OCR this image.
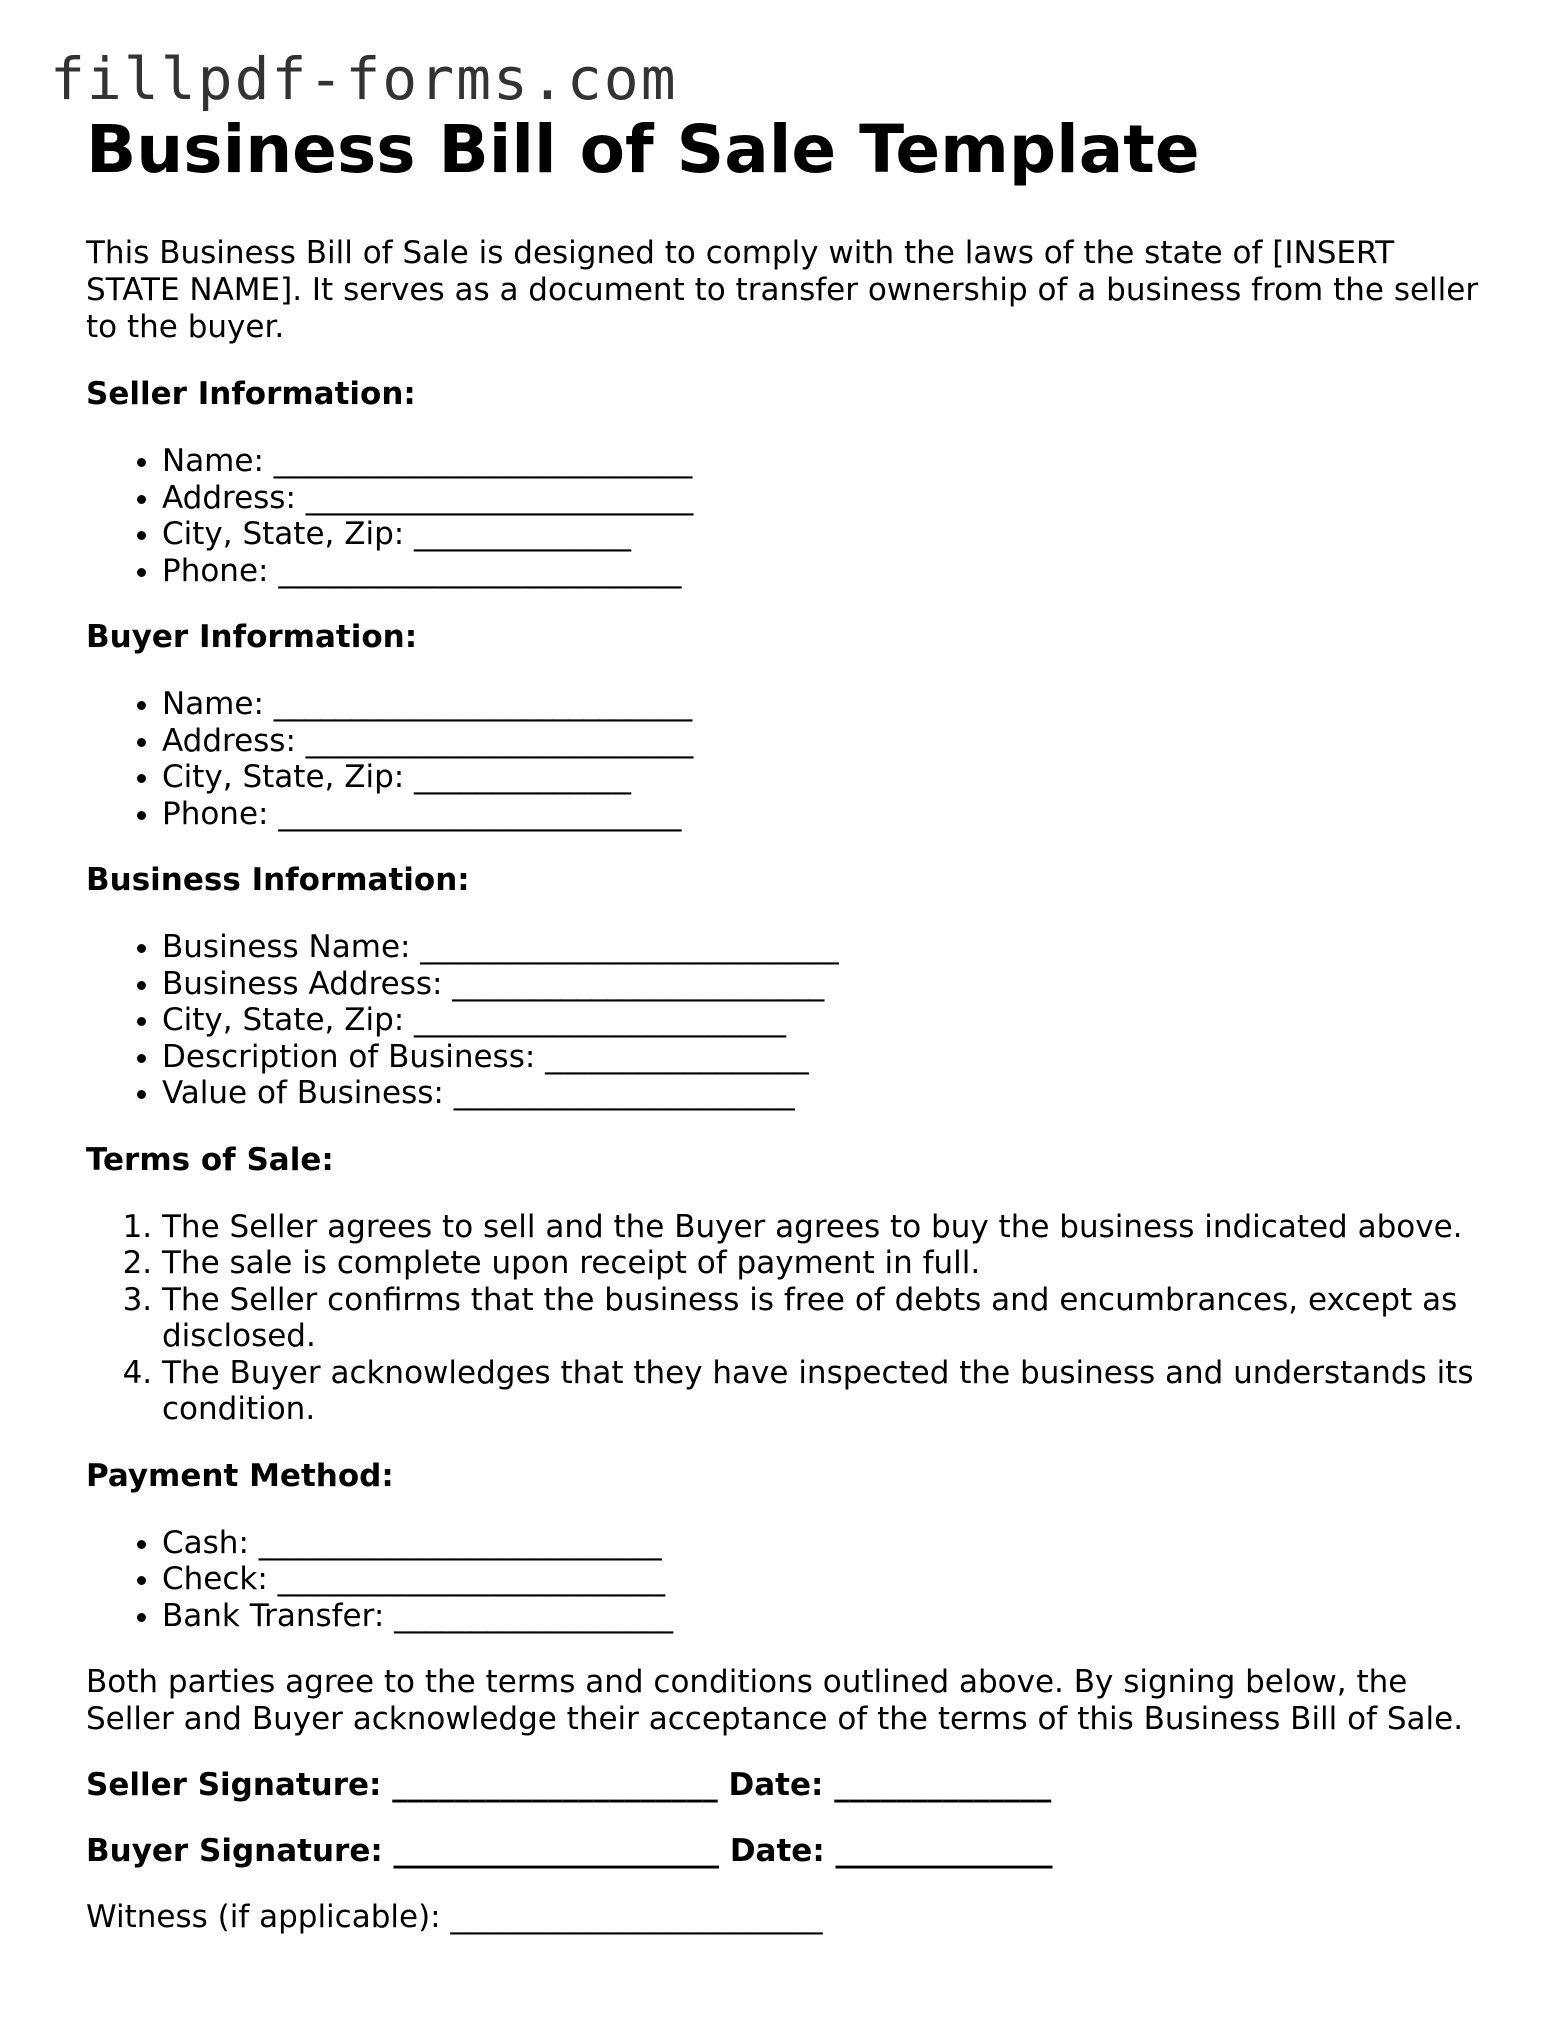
fillpdf-forms.com
Business Bill of Sale Template

This Business Bill of Sale is designed to comply with the laws of the state of [INSERT STATE NAME]. It serves as a document to transfer ownership of a business from the seller to the buyer.

Seller Information:
• Name: ___________________________
• Address: _________________________
• City, State, Zip: ______________
• Phone: __________________________
Buyer Information:
• Name: ___________________________
• Address: _________________________
• City, State, Zip: ______________
• Phone: __________________________
Business Information:
• Business Name: ___________________________
• Business Address: ________________________
• City, State, Zip: ________________________
• Description of Business: _________________
• Value of Business: ______________________
Terms of Sale:
1. The Seller agrees to sell and the Buyer agrees to buy the business indicated above.
2. The sale is complete upon receipt of payment in full.
3. The Seller confirms that the business is free of debts and encumbrances, except as disclosed.
4. The Buyer acknowledges that they have inspected the business and understands its condition.
Payment Method:
• Cash: __________________________
• Check: _________________________
• Bank Transfer: __________________

Both parties agree to the terms and conditions outlined above. By signing below, the Seller and Buyer acknowledge their acceptance of the terms of this Business Bill of Sale.

Seller Signature: _____________________ Date: ______________
Buyer Signature: _____________________ Date: ______________

Witness (if applicable): ________________________
